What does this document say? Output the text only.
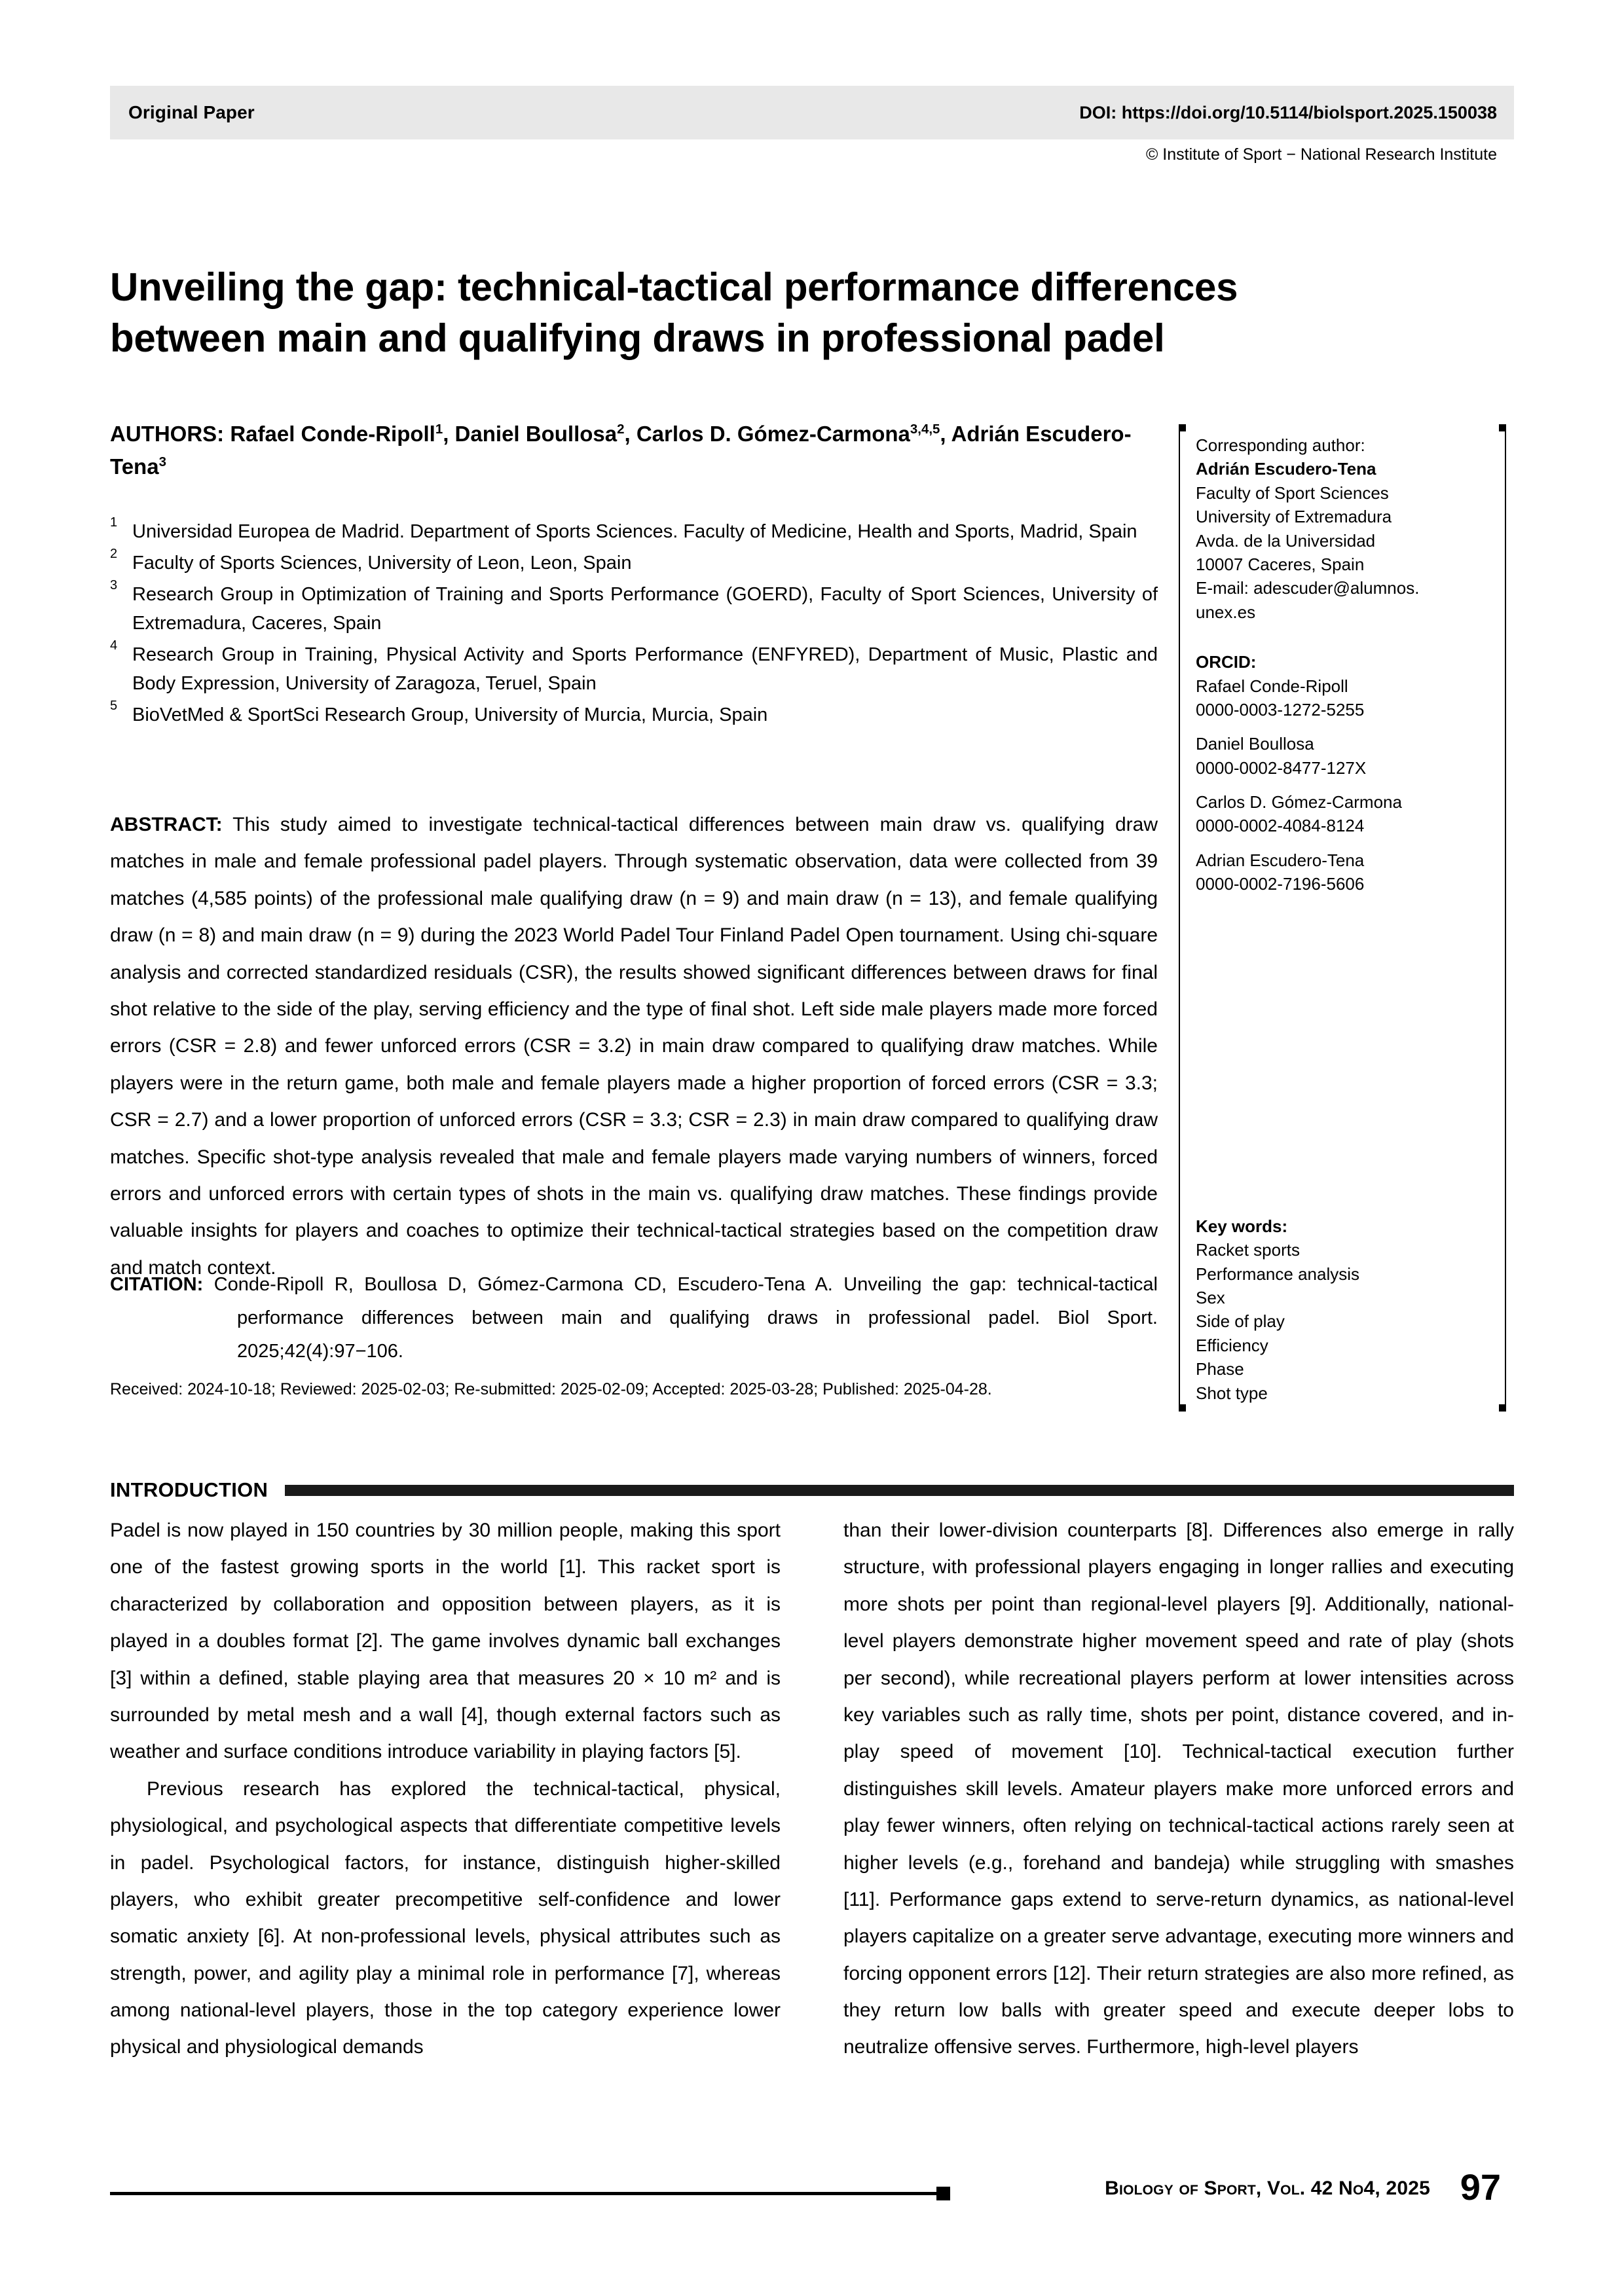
Original Paper	DOI: https://doi.org/10.5114/biolsport.2025.150038
© Institute of Sport − National Research Institute
Unveiling the gap: technical-tactical performance differences between main and qualifying draws in professional padel
AUTHORS: Rafael Conde-Ripoll$^1$, Daniel Boullosa$^2$, Carlos D. Gómez-Carmona$^{3,4,5}$, Adrián Escudero-Tena$^3$
1 Universidad Europea de Madrid. Department of Sports Sciences. Faculty of Medicine, Health and Sports, Madrid, Spain
2 Faculty of Sports Sciences, University of Leon, Leon, Spain
3 Research Group in Optimization of Training and Sports Performance (GOERD), Faculty of Sport Sciences, University of Extremadura, Caceres, Spain
4 Research Group in Training, Physical Activity and Sports Performance (ENFYRED), Department of Music, Plastic and Body Expression, University of Zaragoza, Teruel, Spain
5 BioVetMed & SportSci Research Group, University of Murcia, Murcia, Spain
ABSTRACT: This study aimed to investigate technical-tactical differences between main draw vs. qualifying draw matches in male and female professional padel players. Through systematic observation, data were collected from 39 matches (4,585 points) of the professional male qualifying draw (n = 9) and main draw (n = 13), and female qualifying draw (n = 8) and main draw (n = 9) during the 2023 World Padel Tour Finland Padel Open tournament. Using chi-square analysis and corrected standardized residuals (CSR), the results showed significant differences between draws for final shot relative to the side of the play, serving efficiency and the type of final shot. Left side male players made more forced errors (CSR = 2.8) and fewer unforced errors (CSR = 3.2) in main draw compared to qualifying draw matches. While players were in the return game, both male and female players made a higher proportion of forced errors (CSR = 3.3; CSR = 2.7) and a lower proportion of unforced errors (CSR = 3.3; CSR = 2.3) in main draw compared to qualifying draw matches. Specific shot-type analysis revealed that male and female players made varying numbers of winners, forced errors and unforced errors with certain types of shots in the main vs. qualifying draw matches. These findings provide valuable insights for players and coaches to optimize their technical-tactical strategies based on the competition draw and match context.
CITATION: Conde-Ripoll R, Boullosa D, Gómez-Carmona CD, Escudero-Tena A. Unveiling the gap: technical-tactical performance differences between main and qualifying draws in professional padel. Biol Sport. 2025;42(4):97−106.
Received: 2024-10-18; Reviewed: 2025-02-03; Re-submitted: 2025-02-09; Accepted: 2025-03-28; Published: 2025-04-28.
Corresponding author:
Adrián Escudero-Tena
Faculty of Sport Sciences
University of Extremadura
Avda. de la Universidad
10007 Caceres, Spain
E-mail: adescuder@alumnos.
unex.es
ORCID:
Rafael Conde-Ripoll
0000-0003-1272-5255
Daniel Boullosa
0000-0002-8477-127X
Carlos D. Gómez-Carmona
0000-0002-4084-8124
Adrian Escudero-Tena
0000-0002-7196-5606
Key words:
Racket sports
Performance analysis
Sex
Side of play
Efficiency
Phase
Shot type
INTRODUCTION

Padel is now played in 150 countries by 30 million people, making this sport one of the fastest growing sports in the world [1]. This racket sport is characterized by collaboration and opposition between players, as it is played in a doubles format [2]. The game involves dynamic ball exchanges [3] within a defined, stable playing area that measures 20 × 10 m² and is surrounded by metal mesh and a wall [4], though external factors such as weather and surface conditions introduce variability in playing factors [5].

Previous research has explored the technical-tactical, physical, physiological, and psychological aspects that differentiate competitive levels in padel. Psychological factors, for instance, distinguish higher-skilled players, who exhibit greater precompetitive self-confidence and lower somatic anxiety [6]. At non-professional levels, physical attributes such as strength, power, and agility play a minimal role in performance [7], whereas among national-level players, those in the top category experience lower physical and physiological demands

than their lower-division counterparts [8]. Differences also emerge in rally structure, with professional players engaging in longer rallies and executing more shots per point than regional-level players [9]. Additionally, national-level players demonstrate higher movement speed and rate of play (shots per second), while recreational players perform at lower intensities across key variables such as rally time, shots per point, distance covered, and in-play speed of movement [10]. Technical-tactical execution further distinguishes skill levels. Amateur players make more unforced errors and play fewer winners, often relying on technical-tactical actions rarely seen at higher levels (e.g., forehand and bandeja) while struggling with smashes [11]. Performance gaps extend to serve-return dynamics, as national-level players capitalize on a greater serve advantage, executing more winners and forcing opponent errors [12]. Their return strategies are also more refined, as they return low balls with greater speed and execute deeper lobs to neutralize offensive serves. Furthermore, high-level players

Biology of Sport, Vol. 42 No4, 2025 97
